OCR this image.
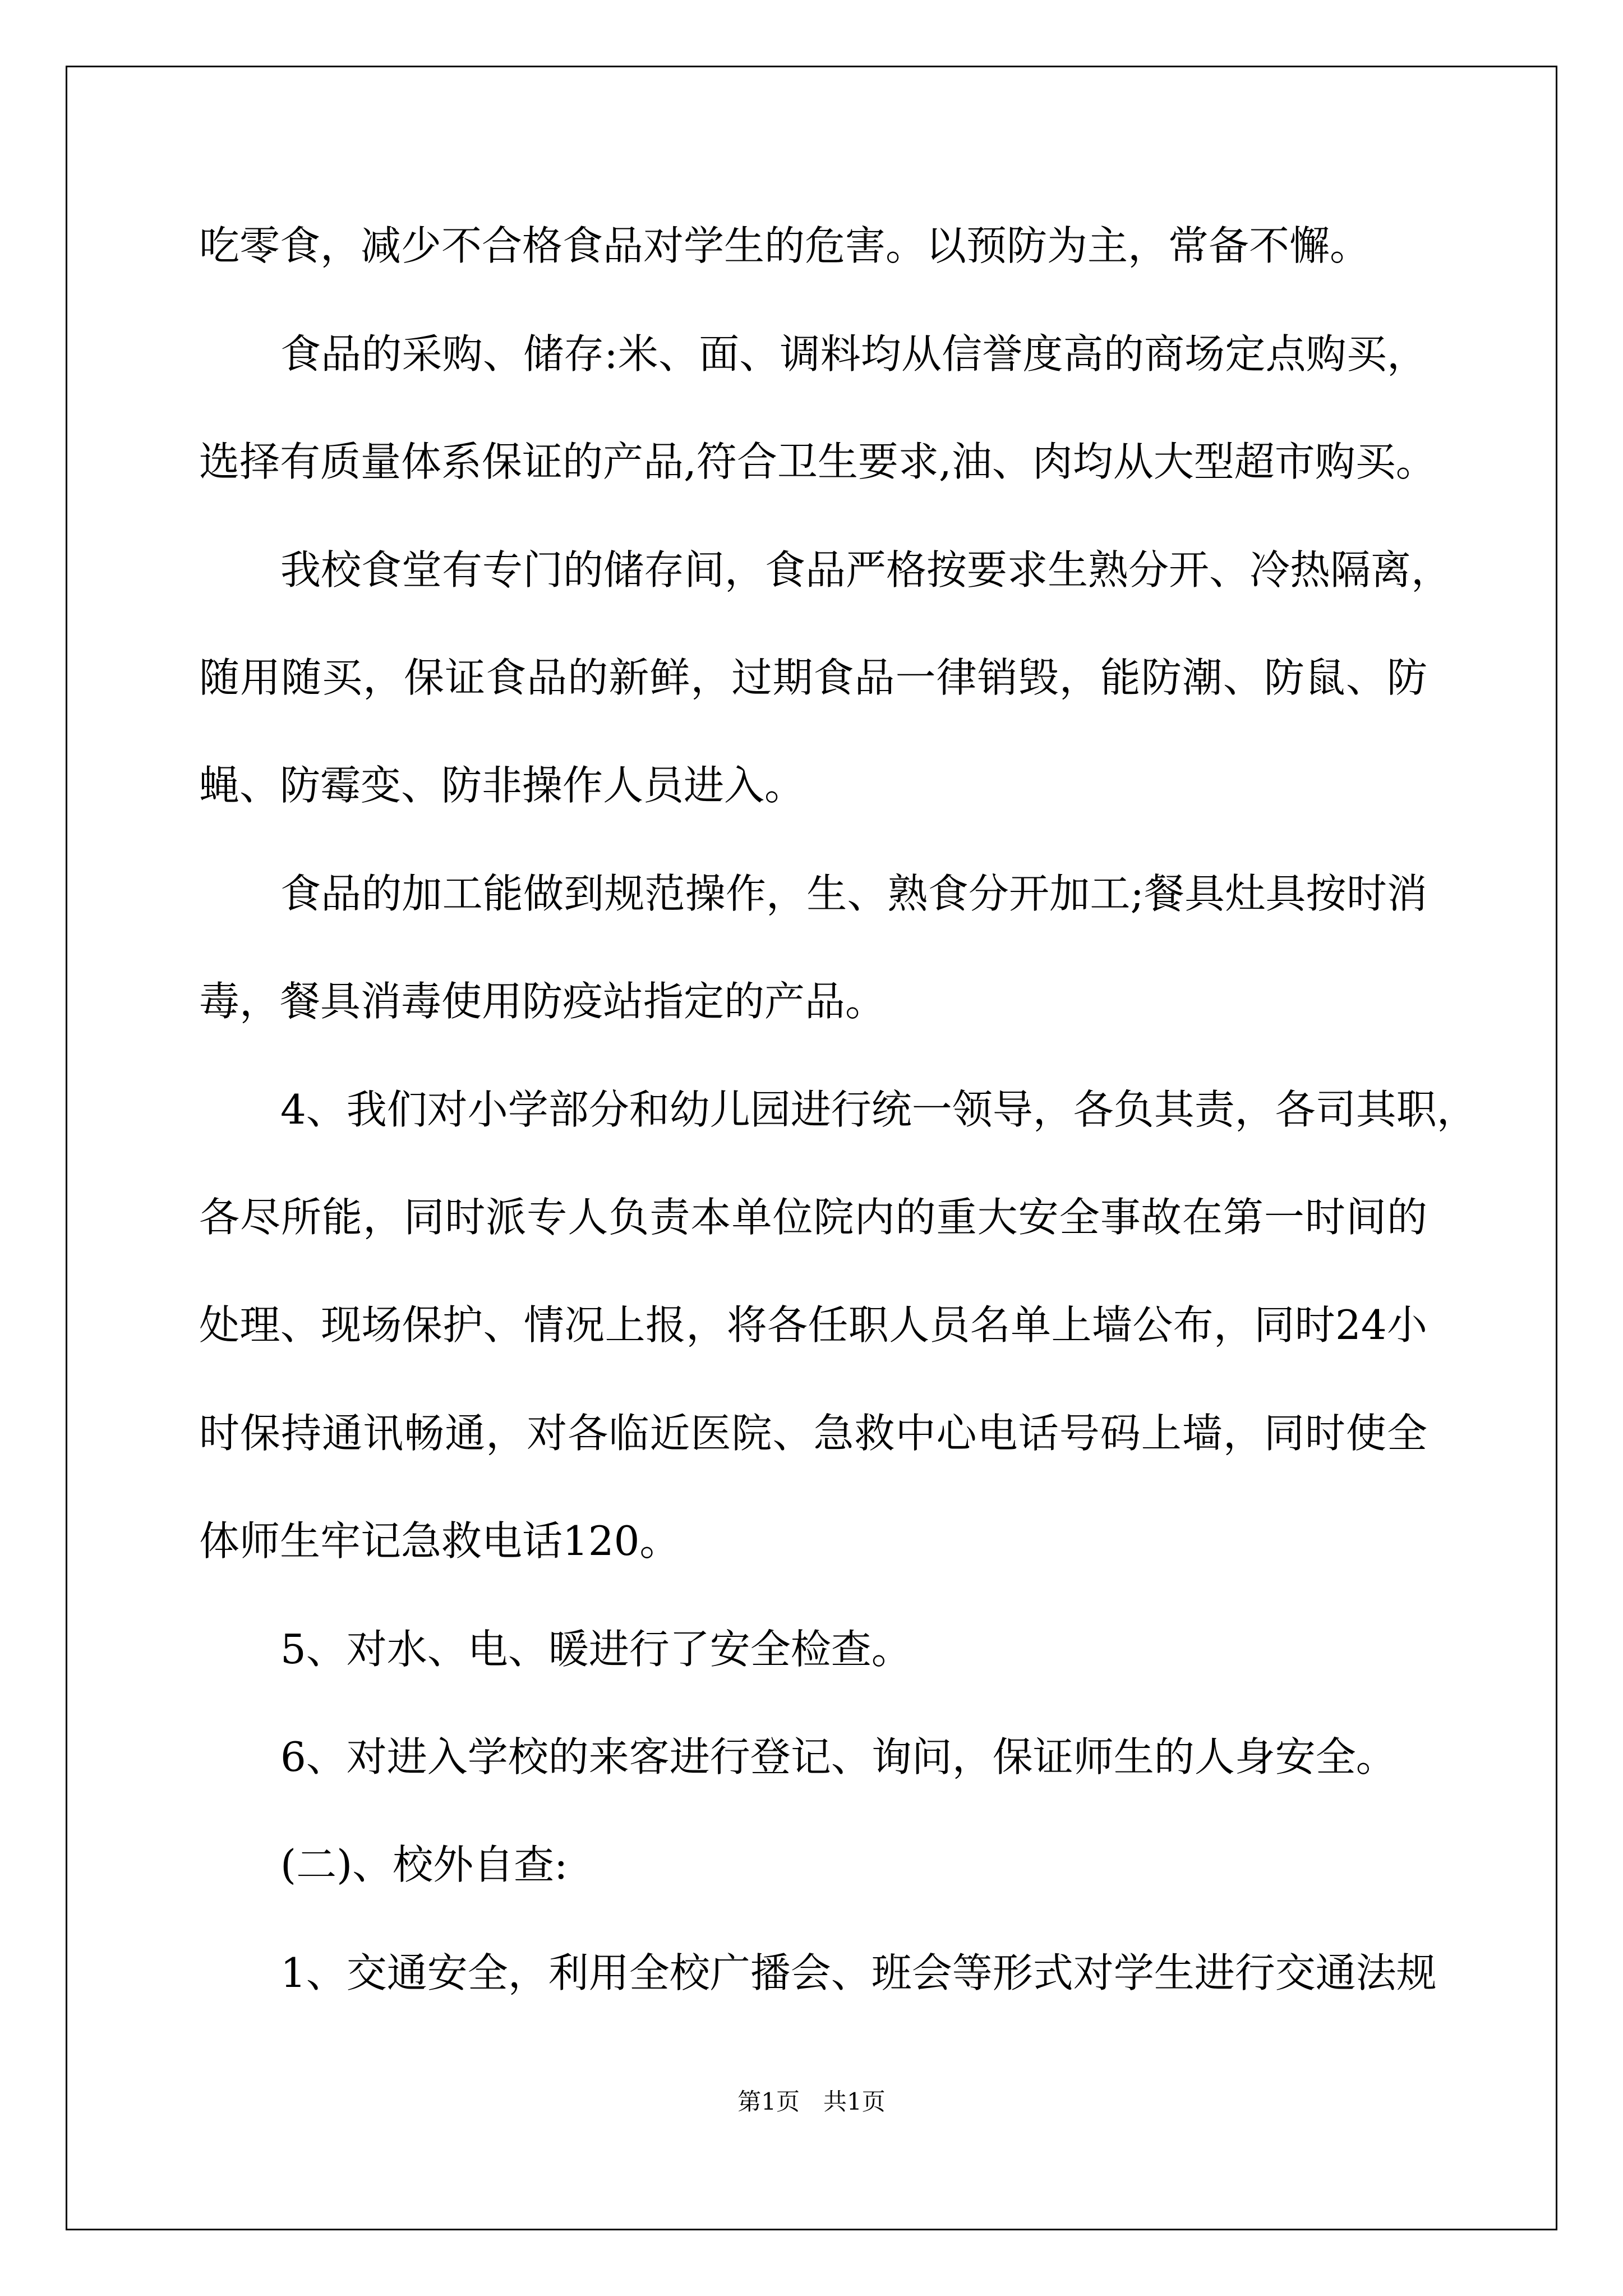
吃零食，减少不合格食品对学生的危害。以预防为主，常备不懈。

食品的采购、储存:米、面、调料均从信誉度高的商场定点购买，

选择有质量体系保证的产品,符合卫生要求,油、肉均从大型超市购买。

我校食堂有专门的储存间，食品严格按要求生熟分开、冷热隔离，

随用随买，保证食品的新鲜，过期食品一律销毁，能防潮、防鼠、防

蝇、防霉变、防非操作人员进入。

食品的加工能做到规范操作，生、熟食分开加工;餐具灶具按时消

毒，餐具消毒使用防疫站指定的产品。

4、我们对小学部分和幼儿园进行统一领导，各负其责，各司其职，

各尽所能，同时派专人负责本单位院内的重大安全事故在第一时间的

处理、现场保护、情况上报，将各任职人员名单上墙公布，同时24小

时保持通讯畅通，对各临近医院、急救中心电话号码上墙，同时使全

体师生牢记急救电话120。

5、对水、电、暖进行了安全检查。

6、对进入学校的来客进行登记、询问，保证师生的人身安全。

(二)、校外自查:

1、交通安全，利用全校广播会、班会等形式对学生进行交通法规

第1页　共1页
